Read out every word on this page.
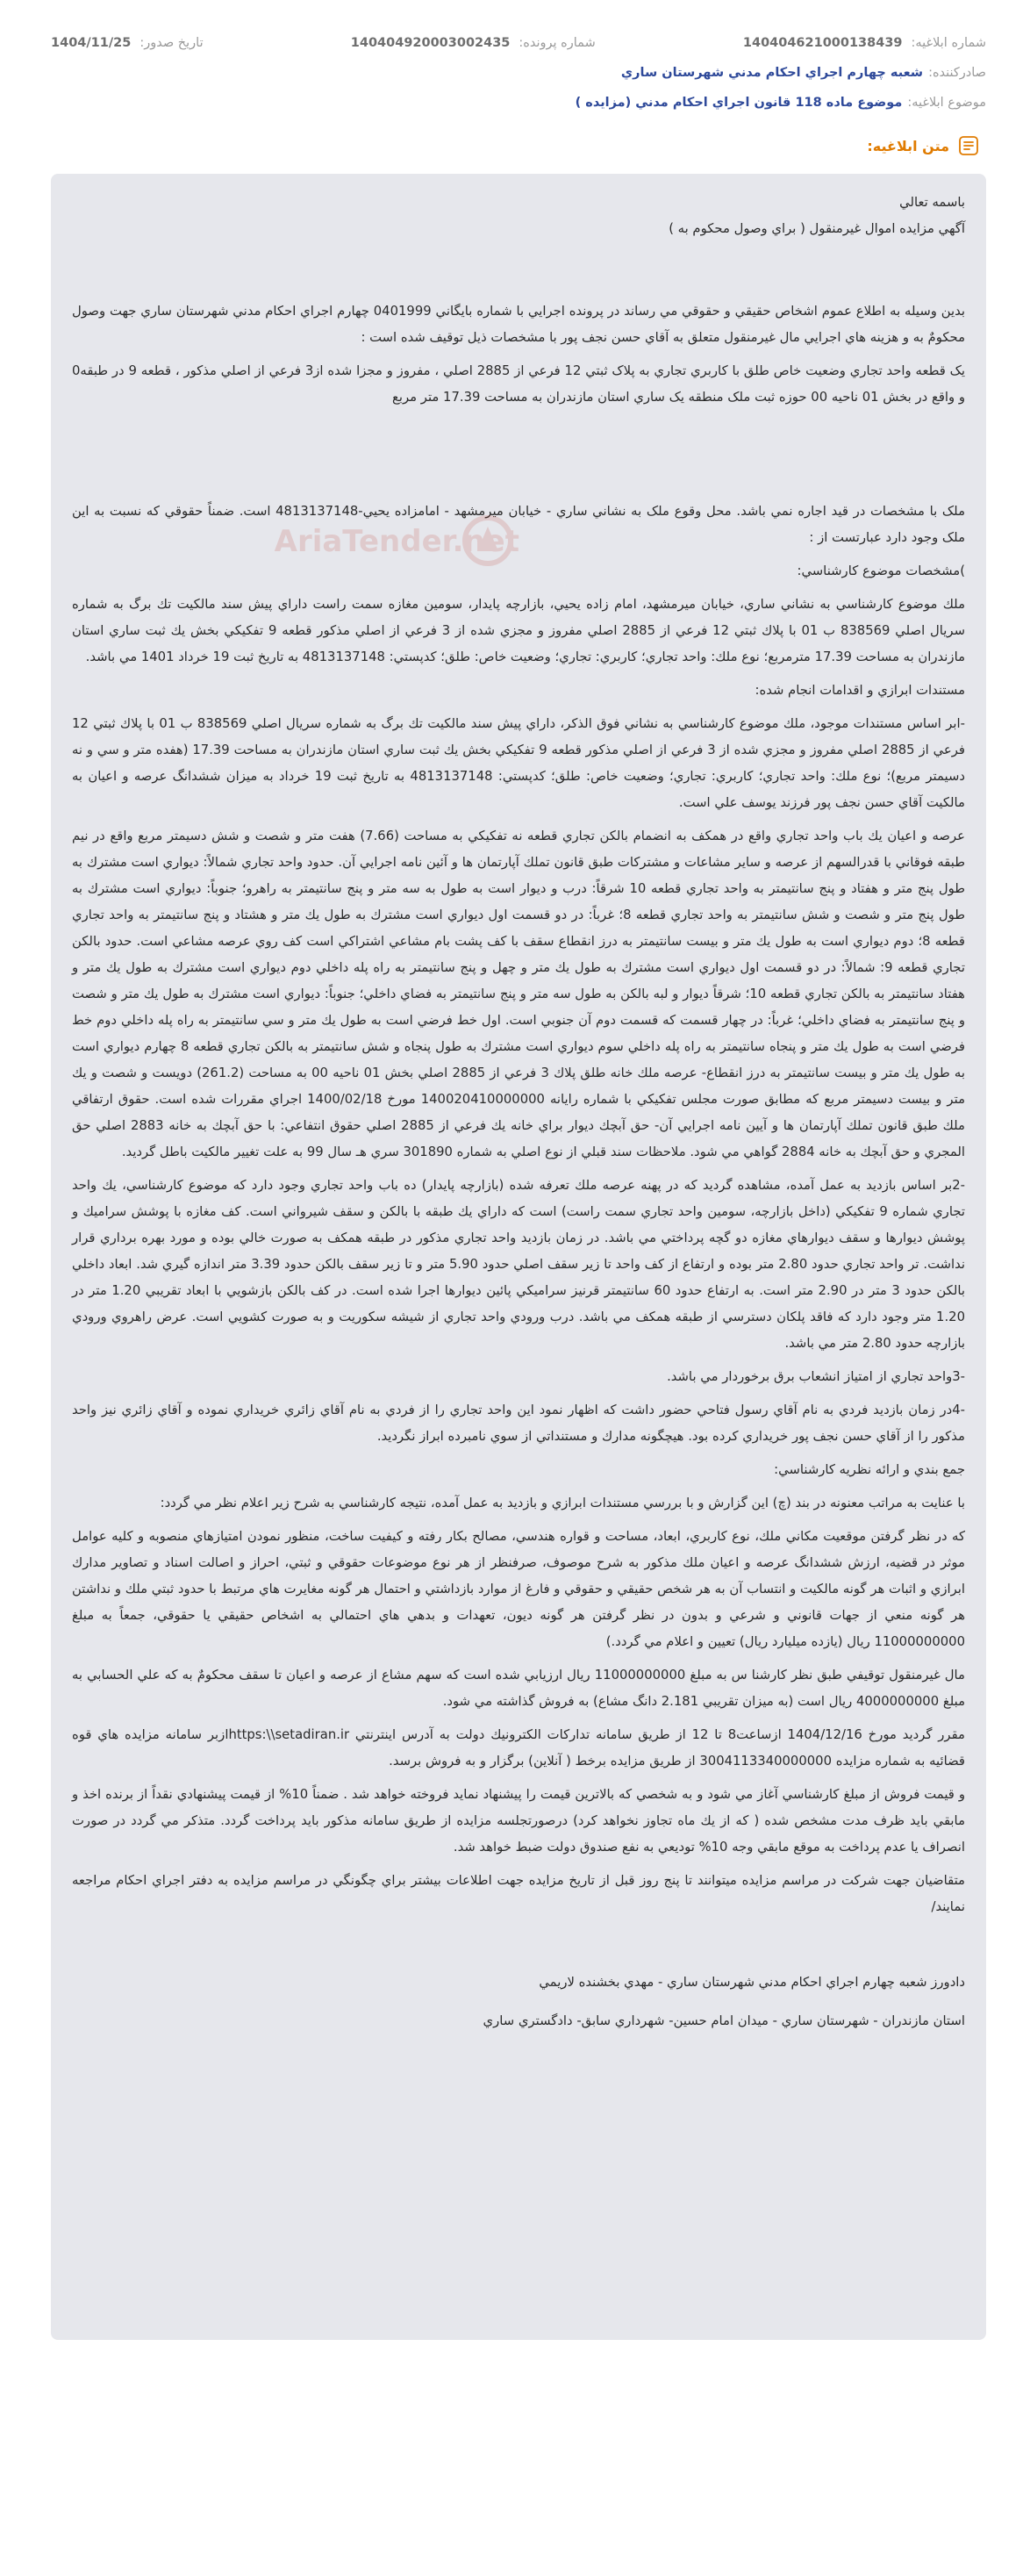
شماره ابلاغیه:
140404621000138439
شماره پرونده:
140404920003002435
تاریخ صدور:
1404/11/25
صادرکننده:
شعبه چهارم اجراي احكام مدني شهرستان ساري
موضوع ابلاغیه:
موضوع ماده 118 قانون اجراي احكام مدني (مزايده )
متن ابلاغیه:
AriaTender.net

باسمه تعالي

آگهي مزايده اموال غيرمنقول ( براي وصول محكوم به )

بدين وسيله به اطلاع عموم اشخاص حقيقي و حقوقي مي رساند در پرونده اجرايي با شماره بايگاني 0401999 چهارم اجراي احكام مدني شهرستان ساري جهت وصول محكومٌ به و هزينه هاي اجرايي مال غيرمنقول متعلق به آقاي حسن نجف پور با مشخصات ذيل توقيف شده است :

يک قطعه واحد تجاري وضعيت خاص طلق با کاربري تجاري به پلاک ثبتي 12 فرعي از 2885 اصلي ، مفروز و مجزا شده از3 فرعي از اصلي مذكور ، قطعه 9 در طبقه0 و واقع در بخش 01 ناحيه 00 حوزه ثبت ملک منطقه يک ساري استان مازندران به مساحت 17.39 متر مربع

ملک با مشخصات در قيد اجاره نمي باشد. محل وقوع ملک به نشاني ساري - خيابان ميرمشهد - امامزاده يحيي-4813137148 است. ضمناً حقوقي كه نسبت به اين ملک وجود دارد عبارتست از :

)مشخصات موضوع كارشناسي:

ملك موضوع كارشناسي به نشاني ساري، خيابان ميرمشهد، امام زاده يحيي، بازارچه پايدار، سومين مغازه سمت راست داراي پيش سند مالكيت تك برگ به شماره سريال اصلي 838569 ب 01 با پلاك ثبتي 12 فرعي از 2885 اصلي مفروز و مجزي شده از 3 فرعي از اصلي مذكور قطعه 9 تفكيكي بخش يك ثبت ساري استان مازندران به مساحت 17.39 مترمربع؛ نوع ملك: واحد تجاري؛ كاربري: تجاري؛ وضعيت خاص: طلق؛ كدپستي: 4813137148 به تاريخ ثبت 19 خرداد 1401 مي باشد.

مستندات ابرازي و اقدامات انجام شده:

-ابر اساس مستندات موجود، ملك موضوع كارشناسي به نشاني فوق الذكر، داراي پيش سند مالكيت تك برگ به شماره سريال اصلي 838569 ب 01 با پلاك ثبتي 12 فرعي از 2885 اصلي مفروز و مجزي شده از 3 فرعي از اصلي مذكور قطعه 9 تفكيكي بخش يك ثبت ساري استان مازندران به مساحت 17.39 (هفده متر و سي و نه دسيمتر مربع)؛ نوع ملك: واحد تجاري؛ كاربري: تجاري؛ وضعيت خاص: طلق؛ كدپستي: 4813137148 به تاريخ ثبت 19 خرداد به ميزان ششدانگ عرصه و اعيان به مالكيت آقاي حسن نجف پور فرزند يوسف علي است.

عرصه و اعيان يك باب واحد تجاري واقع در همكف به انضمام بالكن تجاري قطعه نه تفكيكي به مساحت (7.66) هفت متر و شصت و شش دسيمتر مربع واقع در نيم طبقه فوقاني با قدرالسهم از عرصه و ساير مشاعات و مشتركات طبق قانون تملك آپارتمان ها و آئين نامه اجرايي آن. حدود واحد تجاري شمالاً: ديواري است مشترك به طول پنج متر و هفتاد و پنج سانتيمتر به واحد تجاري قطعه 10 شرقاً: درب و ديوار است به طول به سه متر و پنج سانتيمتر به راهرو؛ جنوباً: ديواري است مشترك به طول پنج متر و شصت و شش سانتيمتر به واحد تجاري قطعه 8؛ غرباً: در دو قسمت اول ديواري است مشترك به طول يك متر و هشتاد و پنج سانتيمتر به واحد تجاري قطعه 8؛ دوم ديواري است به طول يك متر و بيست سانتيمتر به درز انقطاع سقف با كف پشت بام مشاعي اشتراكي است كف روي عرصه مشاعي است. حدود بالكن تجاري قطعه 9: شمالاً: در دو قسمت اول ديواري است مشترك به طول يك متر و چهل و پنج سانتيمتر به راه پله داخلي دوم ديواري است مشترك به طول يك متر و هفتاد سانتيمتر به بالكن تجاري قطعه 10؛ شرقاً ديوار و لبه بالكن به طول سه متر و پنج سانتيمتر به فضاي داخلي؛ جنوباً: ديواري است مشترك به طول يك متر و شصت و پنج سانتيمتر به فضاي داخلي؛ غرباً: در چهار قسمت كه قسمت دوم آن جنوبي است. اول خط فرضي است به طول يك متر و سي سانتيمتر به راه پله داخلي دوم خط فرضي است به طول يك متر و پنجاه سانتيمتر به راه پله داخلي سوم ديواري است مشترك به طول پنجاه و شش سانتيمتر به بالكن تجاري قطعه 8 چهارم ديواري است به طول يك متر و بيست سانتيمتر به درز انقطاع- عرصه ملك خانه طلق پلاك 3 فرعي از 2885 اصلي بخش 01 ناحيه 00 به مساحت (261.2) دويست و شصت و يك متر و بيست دسيمتر مربع كه مطابق صورت مجلس تفكيكي با شماره رايانه 140020410000000 مورخ 1400/02/18 اجراي مقررات شده است. حقوق ارتفاقي ملك طبق قانون تملك آپارتمان ها و آيين نامه اجرايي آن- حق آبچك ديوار براي خانه يك فرعي از 2885 اصلي حقوق انتفاعي: با حق آبچك به خانه 2883 اصلي حق المجري و حق آبچك به خانه 2884 گواهي مي شود. ملاحظات سند قبلي از نوع اصلي به شماره 301890 سري هـ سال 99 به علت تغيير مالكيت باطل گرديد.

-2بر اساس بازديد به عمل آمده، مشاهده گرديد كه در پهنه عرصه ملك تعرفه شده (بازارچه پايدار) ده باب واحد تجاري وجود دارد كه موضوع كارشناسي، يك واحد تجاري شماره 9 تفكيكي (داخل بازارچه، سومين واحد تجاري سمت راست) است كه داراي يك طبقه با بالكن و سقف شيرواني است. كف مغازه با پوشش سراميك و پوشش ديوارها و سقف ديوارهاي مغازه دو گچه پرداختي مي باشد. در زمان بازديد واحد تجاري مذكور در طبقه همكف به صورت خالي بوده و مورد بهره برداري قرار نداشت. تر واحد تجاري حدود 2.80 متر بوده و ارتفاع از كف واحد تا زير سقف اصلي حدود 5.90 متر و تا زير سقف بالكن حدود 3.39 متر اندازه گيري شد. ابعاد داخلي بالكن حدود 3 متر در 2.90 متر است. به ارتفاع حدود 60 سانتيمتر قرنيز سراميكي پائين ديوارها اجرا شده است. در كف بالكن بازشويي با ابعاد تقريبي 1.20 متر در 1.20 متر وجود دارد كه فاقد پلكان دسترسي از طبقه همكف مي باشد. درب ورودي واحد تجاري از شيشه سكوريت و به صورت كشويي است. عرض راهروي ورودي بازارچه حدود 2.80 متر مي باشد.

-3واحد تجاري از امتياز انشعاب برق برخوردار مي باشد.

-4در زمان بازديد فردي به نام آقاي رسول فتاحي حضور داشت كه اظهار نمود اين واحد تجاري را از فردي به نام آقاي زائري خريداري نموده و آقاي زائري نيز واحد مذكور را از آقاي حسن نجف پور خريداري كرده بود. هيچگونه مدارك و مستنداتي از سوي نامبرده ابراز نگرديد.

جمع بندي و ارائه نظريه كارشناسي:

با عنايت به مراتب معنونه در بند (چ) اين گزارش و با بررسي مستندات ابرازي و بازديد به عمل آمده، نتيجه كارشناسي به شرح زير اعلام نظر مي گردد:

كه در نظر گرفتن موقعيت مكاني ملك، نوع كاربري، ابعاد، مساحت و قواره هندسي، مصالح بكار رفته و كيفيت ساخت، منظور نمودن امتيازهاي منصوبه و كليه عوامل موثر در قضيه، ارزش ششدانگ عرصه و اعيان ملك مذكور به شرح موصوف، صرفنظر از هر نوع موضوعات حقوقي و ثبتي، احراز و اصالت اسناد و تصاوير مدارك ابرازي و اثبات هر گونه مالكيت و انتساب آن به هر شخص حقيقي و حقوقي و فارغ از موارد بازداشتي و احتمال هر گونه مغايرت هاي مرتبط با حدود ثبتي ملك و نداشتن هر گونه منعي از جهات قانوني و شرعي و بدون در نظر گرفتن هر گونه ديون، تعهدات و بدهي هاي احتمالي به اشخاص حقيقي يا حقوقي، جمعاً به مبلغ 11000000000 ريال (يازده ميليارد ريال) تعيين و اعلام مي گردد.)

مال غيرمنقول توقيفي طبق نظر كارشنا س به مبلغ 11000000000 ريال ارزيابي شده است كه سهم مشاع از عرصه و اعيان تا سقف محكومٌ به كه علي الحسابي به مبلغ 4000000000 ريال است (به ميزان تقريبي 2.181 دانگ مشاع) به فروش گذاشته مي شود.

مقرر گرديد مورخ 1404/12/16 ازساعت8 تا 12 از طريق سامانه تداركات الكترونيك دولت به آدرس اينترنتي https:\\setadiran.irازبر سامانه مزايده هاي قوه قضائيه به شماره مزايده 3004113340000000 از طريق مزايده برخط ( آنلاين) برگزار و به فروش برسد.

و قيمت فروش از مبلغ كارشناسي آغاز مي شود و به شخصي كه بالاترين قيمت را پيشنهاد نمايد فروخته خواهد شد . ضمناً 10% از قيمت پيشنهادي نقداً از برنده اخذ و مابقي بايد ظرف مدت مشخص شده ( كه از يك ماه تجاوز نخواهد كرد) درصورتجلسه مزايده از طريق سامانه مذكور بايد پرداخت گردد. متذكر مي گردد در صورت انصراف يا عدم پرداخت به موقع مابقي وجه 10% توديعي به نفع صندوق دولت ضبط خواهد شد.

متقاضيان جهت شركت در مراسم مزايده ميتوانند تا پنج روز قبل از تاريخ مزايده جهت اطلاعات بيشتر براي چگونگي در مراسم مزايده به دفتر اجراي احكام مراجعه نمايند/

دادورز شعبه چهارم اجراي احكام مدني شهرستان ساري - مهدي بخشنده لاريمي

استان مازندران - شهرستان ساري - ميدان امام حسين- شهرداري سابق- دادگستري ساري
